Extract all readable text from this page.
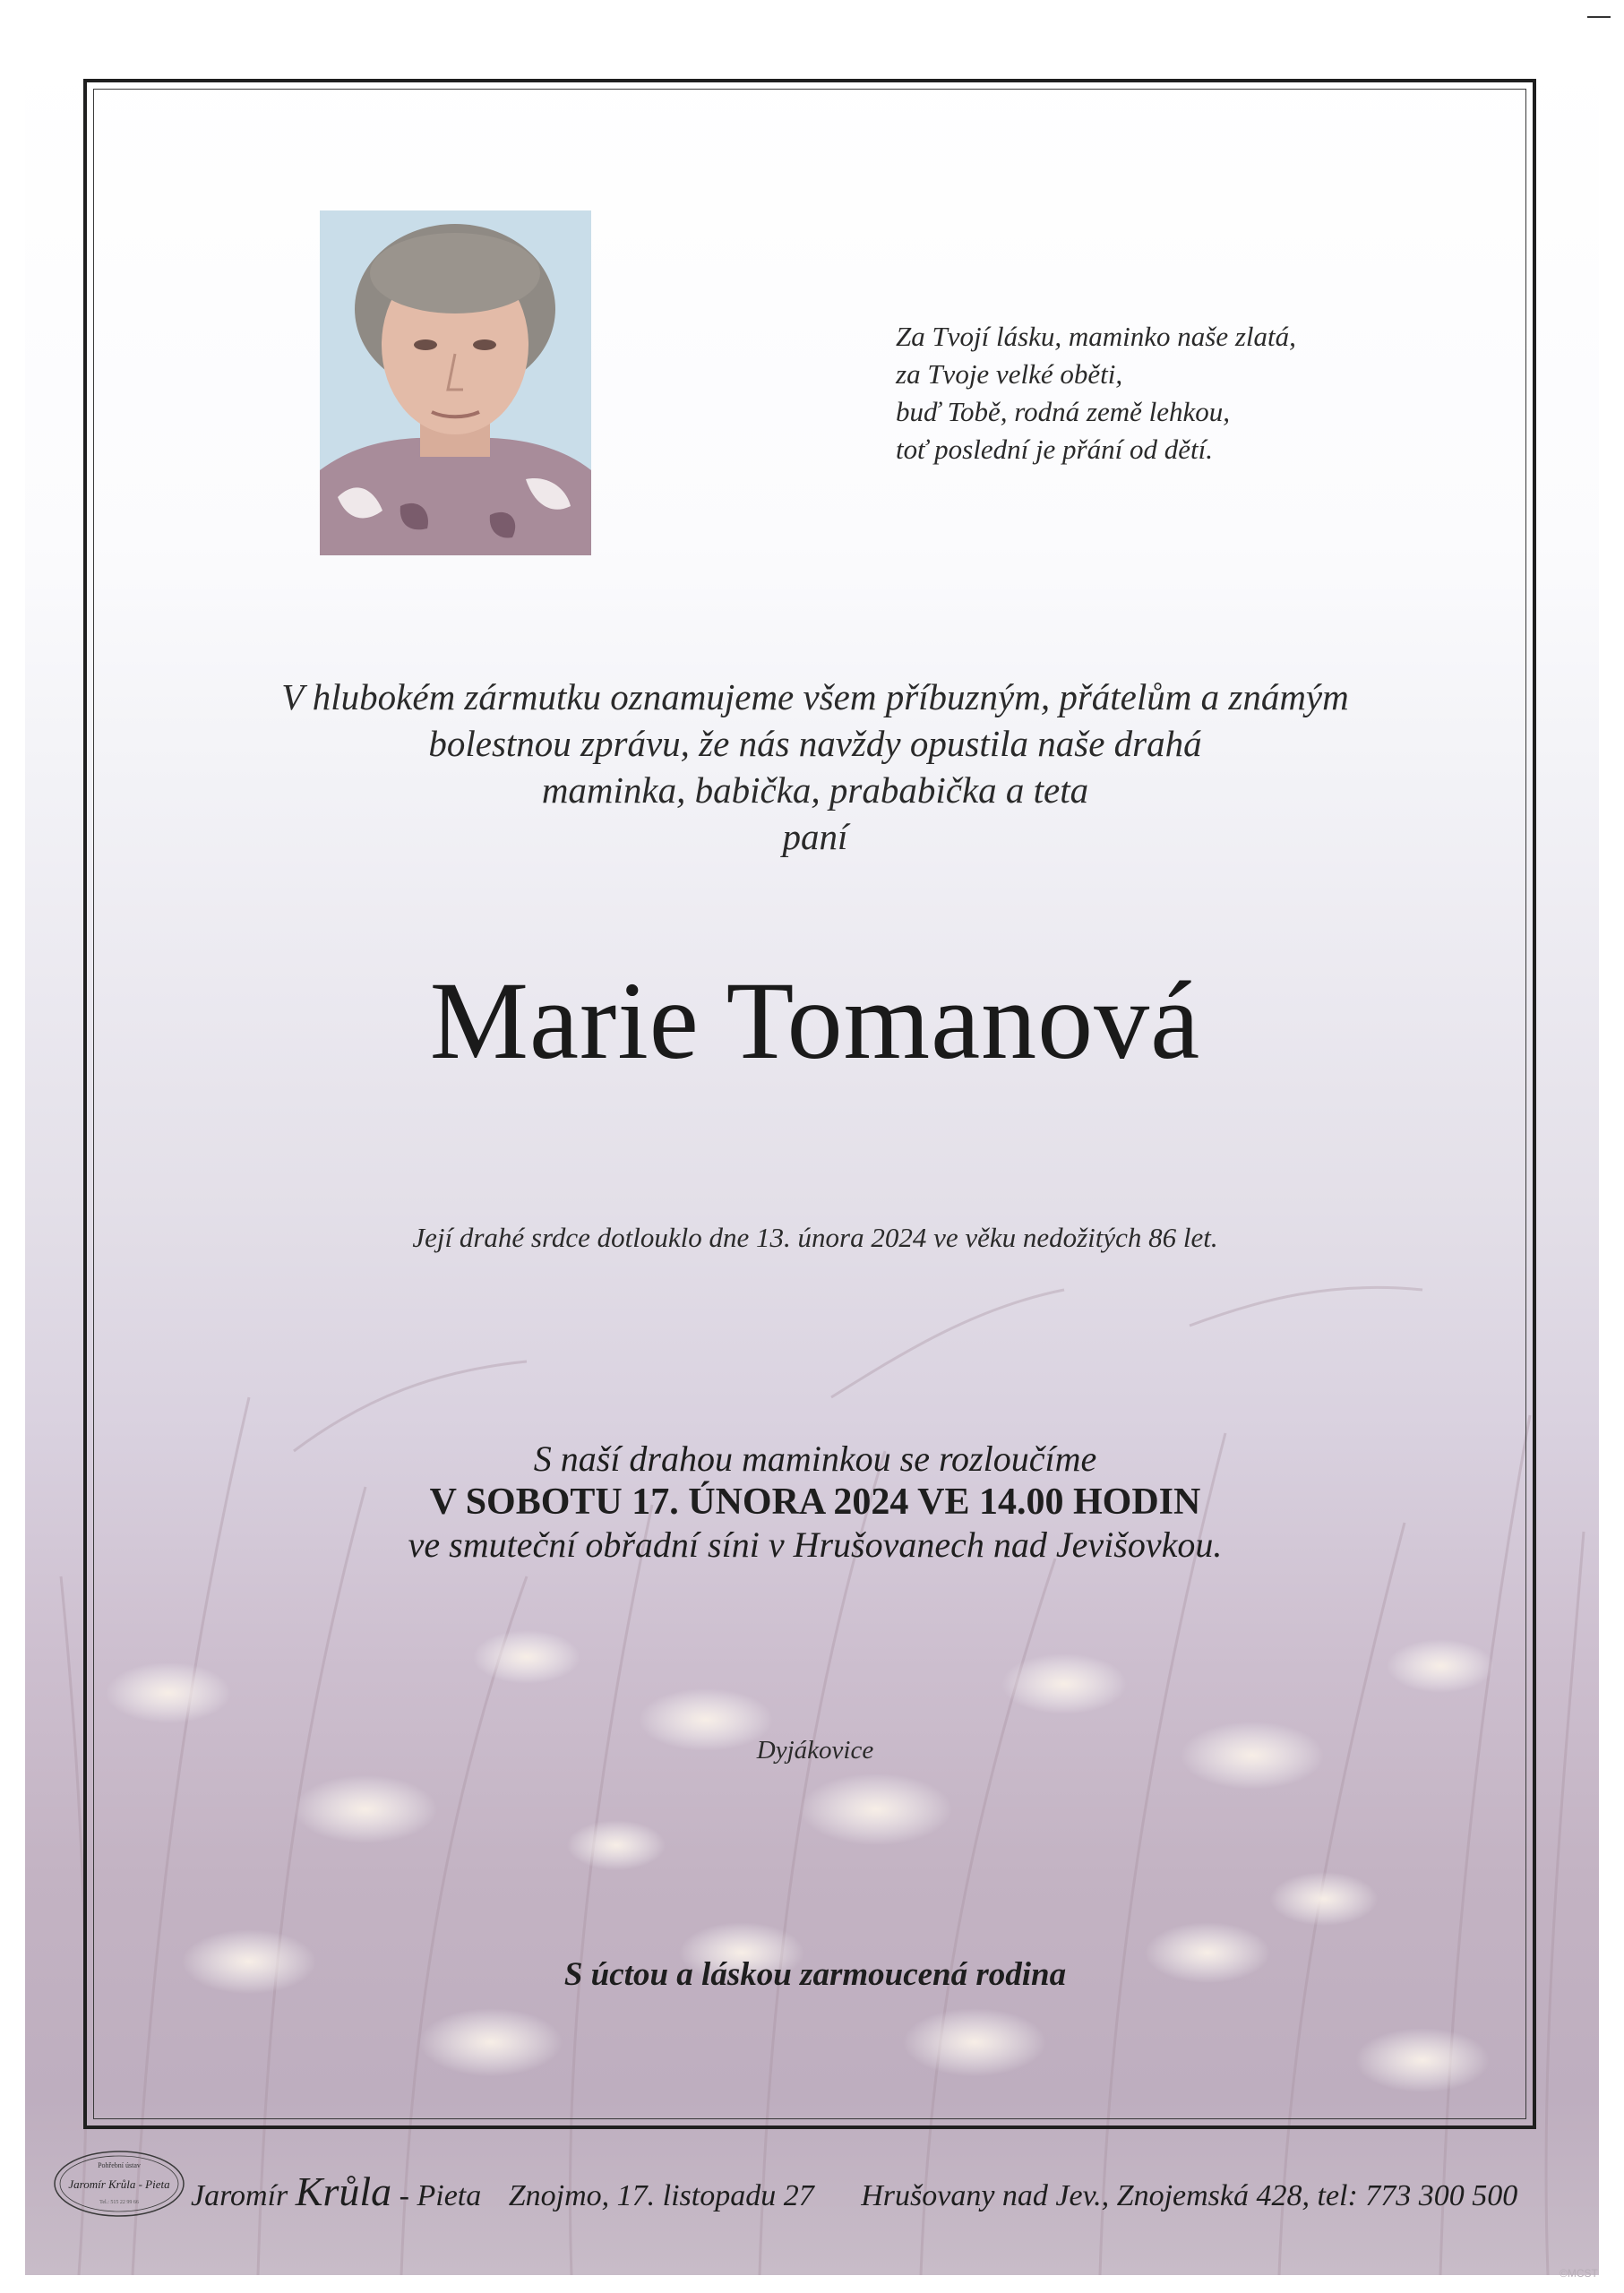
Za Tvojí lásku, maminko naše zlatá,
za Tvoje velké oběti,
buď Tobě, rodná země lehkou,
toť poslední je přání od dětí.
V hlubokém zármutku oznamujeme všem příbuzným, přátelům a známým
bolestnou zprávu, že nás navždy opustila naše drahá
maminka, babička, prababička a teta
paní
Marie Tomanová
Její drahé srdce dotlouklo dne 13. února 2024 ve věku nedožitých 86 let.
S naší drahou maminkou se rozloučíme
V SOBOTU 17. ÚNORA 2024 VE 14.00 HODIN
ve smuteční obřadní síni v Hrušovanech nad Jevišovkou.
Dyjákovice
S úctou a láskou zarmoucená rodina
Pohřební ústav
Jaromír Krůla - Pieta
Tel.: 515 22 99 66 Jaromír Krůla - Pieta Znojmo, 17. listopadu 27 Hrušovany nad Jev., Znojemská 428, tel: 773 300 500
©MCST
